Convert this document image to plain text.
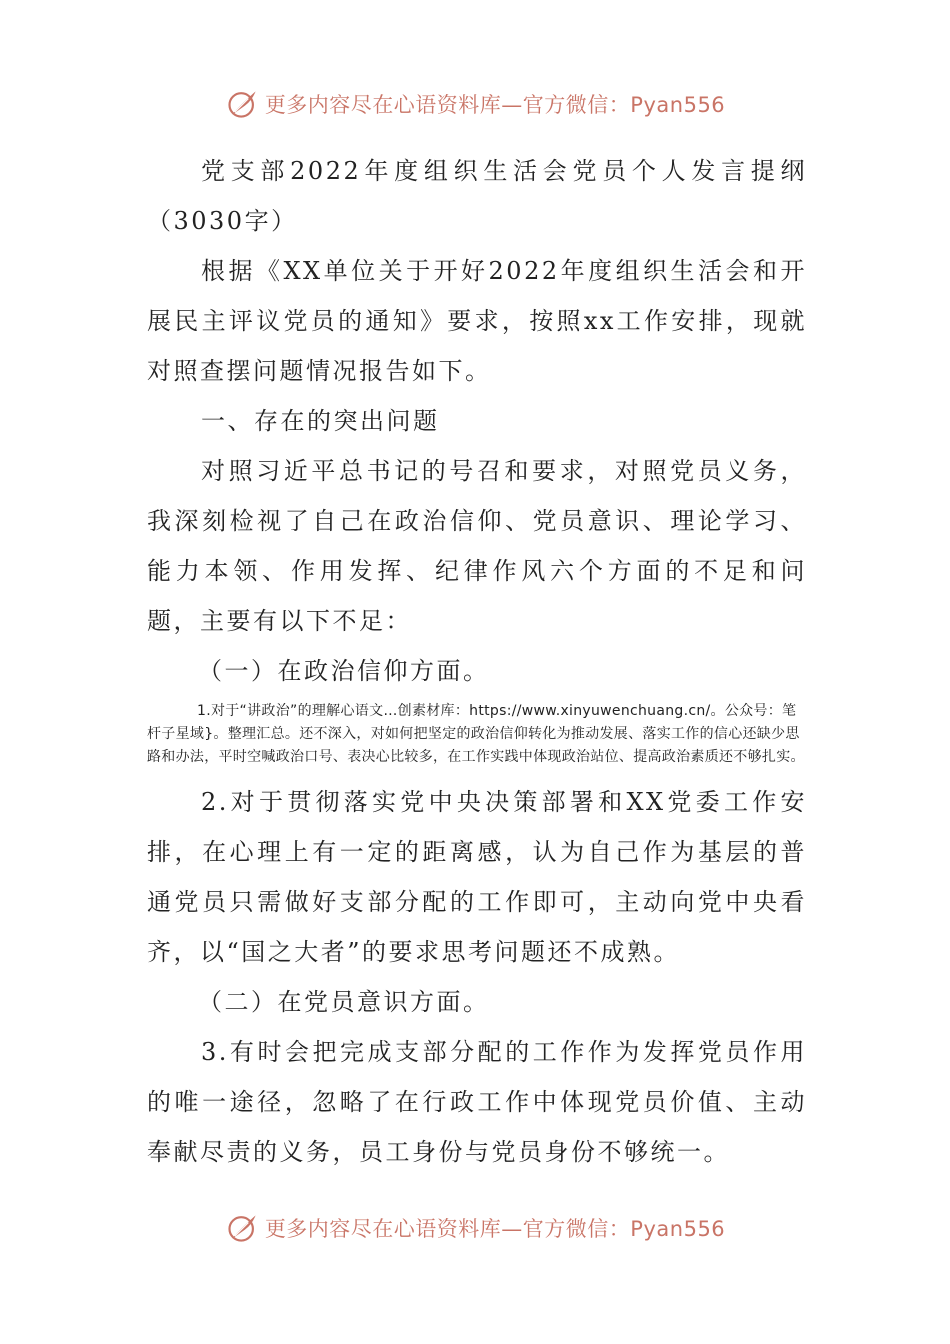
更多内容尽在心语资料库—官方微信：Pyan556

党支部2022年度组织生活会党员个人发言提纲（3030字）

根据《XX单位关于开好2022年度组织生活会和开展民主评议党员的通知》要求，按照xx工作安排，现就对照查摆问题情况报告如下。

一、存在的突出问题

对照习近平总书记的号召和要求，对照党员义务，我深刻检视了自己在政治信仰、党员意识、理论学习、能力本领、作用发挥、纪律作风六个方面的不足和问题，主要有以下不足：

（一）在政治信仰方面。

1.对于“讲政治”的理解心语文…创素材库：https://www.xinyuwenchuang.cn/。公众号：笔杆子星域}。整理汇总。还不深入，对如何把坚定的政治信仰转化为推动发展、落实工作的信心还缺少思路和办法，平时空喊政治口号、表决心比较多，在工作实践中体现政治站位、提高政治素质还不够扎实。

2.对于贯彻落实党中央决策部署和XX党委工作安排，在心理上有一定的距离感，认为自己作为基层的普通党员只需做好支部分配的工作即可，主动向党中央看齐，以“国之大者”的要求思考问题还不成熟。

（二）在党员意识方面。

3.有时会把完成支部分配的工作作为发挥党员作用的唯一途径，忽略了在行政工作中体现党员价值、主动奉献尽责的义务，员工身份与党员身份不够统一。

更多内容尽在心语资料库—官方微信：Pyan556
